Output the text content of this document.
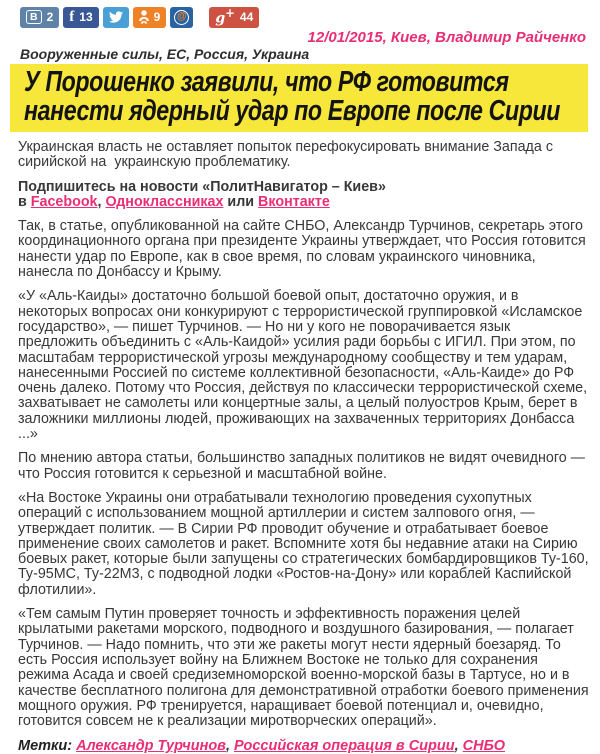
В 2 f 13	9 @ g+ 44
12/01/2015, Киев, Владимир Райченко
Вооруженные силы, ЕС, Россия, Украина
У Порошенко заявили, что РФ готовится нанести ядерный удар по Европе после Сирии

Украинская власть не оставляет попыток перефокусировать внимание Запада с сирийской на  украинскую проблематику.

Подпишитесь на новости «ПолитНавигатор – Киев»
в Facebook, Одноклассниках или Вконтакте

Так, в статье, опубликованной на сайте СНБО, Александр Турчинов, секретарь этого координационного органа при президенте Украины утверждает, что Россия готовится нанести удар по Европе, как в свое время, по словам украинского чиновника, нанесла по Донбассу и Крыму.

«У «Аль-Каиды» достаточно большой боевой опыт, достаточно оружия, и в некоторых вопросах они конкурируют с террористической группировкой «Исламское государство», — пишет Турчинов. — Но ни у кого не поворачивается язык предложить объединить с «Аль-Каидой» усилия ради борьбы с ИГИЛ. При этом, по масштабам террористической угрозы международному сообществу и тем ударам, нанесенными Россией по системе коллективной безопасности, «Аль-Каиде» до РФ очень далеко. Потому что Россия, действуя по классически террористической схеме, захватывает не самолеты или концертные залы, а целый полуостров Крым, берет в заложники миллионы людей, проживающих на захваченных территориях Донбасса ...»

По мнению автора статьи, большинство западных политиков не видят очевидного — что Россия готовится к серьезной и масштабной войне.

«На Востоке Украины они отрабатывали технологию проведения сухопутных операций с использованием мощной артиллерии и систем залпового огня, — утверждает политик. — В Сирии РФ проводит обучение и отрабатывает боевое применение своих самолетов и ракет. Вспомните хотя бы недавние атаки на Сирию боевых ракет, которые были запущены со стратегических бомбардировщиков Ту-160, Ту-95МС, Ту-22М3, с подводной лодки «Ростов-на-Дону» или кораблей Каспийской флотилии».

«Тем самым Путин проверяет точность и эффективность поражения целей крылатыми ракетами морского, подводного и воздушного базирования, — полагает Турчинов. — Надо помнить, что эти же ракеты могут нести ядерный боезаряд. То есть Россия использует войну на Ближнем Востоке не только для сохранения режима Асада и своей средиземноморской военно-морской базы в Тартусе, но и в качестве бесплатного полигона для демонстративной отработки боевого применения мощного оружия. РФ тренируется, наращивает боевой потенциал и, очевидно, готовится совсем не к реализации миротворческих операций».

Метки: Александр Турчинов, Российская операция в Сирии, СНБО
